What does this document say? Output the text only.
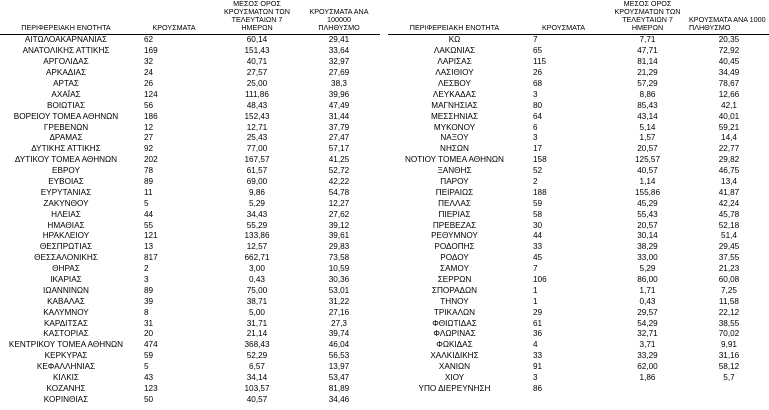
ΠΕΡΙΦΕΡΕΙΑΚΗ ΕΝΟΤΗΤΑ	ΚΡΟΥΣΜΑΤΑ	ΜΕΣΟΣ ΟΡΟΣ
ΚΡΟΥΣΜΑΤΩΝ ΤΩΝ
ΤΕΛΕΥΤΑΙΩΝ 7 ΗΜΕΡΩΝ	ΚΡΟΥΣΜΑΤΑ ΑΝΑ 100000
ΠΛΗΘΥΣΜΟ
ΑΙΤΩΛΟΑΚΑΡΝΑΝΙΑΣ	62	60,14	29,41
ΑΝΑΤΟΛΙΚΗΣ ΑΤΤΙΚΗΣ	169	151,43	33,64
ΑΡΓΟΛΙΔΑΣ	32	40,71	32,97
ΑΡΚΑΔΙΑΣ	24	27,57	27,69
ΑΡΤΑΣ	26	25,00	38,3
ΑΧΑΪΑΣ	124	111,86	39,96
ΒΟΙΩΤΙΑΣ	56	48,43	47,49
ΒΟΡΕΙΟΥ ΤΟΜΕΑ ΑΘΗΝΩΝ	186	152,43	31,44
ΓΡΕΒΕΝΩΝ	12	12,71	37,79
ΔΡΑΜΑΣ	27	25,43	27,47
ΔΥΤΙΚΗΣ ΑΤΤΙΚΗΣ	92	77,00	57,17
ΔΥΤΙΚΟΥ ΤΟΜΕΑ ΑΘΗΝΩΝ	202	167,57	41,25
ΕΒΡΟΥ	78	61,57	52,72
ΕΥΒΟΙΑΣ	89	69,00	42,22
ΕΥΡΥΤΑΝΙΑΣ	11	9,86	54,78
ΖΑΚΥΝΘΟΥ	5	5,29	12,27
ΗΛΕΙΑΣ	44	34,43	27,62
ΗΜΑΘΙΑΣ	55	55,29	39,12
ΗΡΑΚΛΕΙΟΥ	121	133,86	39,61
ΘΕΣΠΡΩΤΙΑΣ	13	12,57	29,83
ΘΕΣΣΑΛΟΝΙΚΗΣ	817	662,71	73,58
ΘΗΡΑΣ	2	3,00	10,59
ΙΚΑΡΙΑΣ	3	0,43	30,36
ΙΩΑΝΝΙΝΩΝ	89	75,00	53,01
ΚΑΒΑΛΑΣ	39	38,71	31,22
ΚΑΛΥΜΝΟΥ	8	5,00	27,16
ΚΑΡΔΙΤΣΑΣ	31	31,71	27,3
ΚΑΣΤΟΡΙΑΣ	20	21,14	39,74
ΚΕΝΤΡΙΚΟΥ ΤΟΜΕΑ ΑΘΗΝΩΝ	474	368,43	46,04
ΚΕΡΚΥΡΑΣ	59	52,29	56,53
ΚΕΦΑΛΛΗΝΙΑΣ	5	6,57	13,97
ΚΙΛΚΙΣ	43	34,14	53,47
ΚΟΖΑΝΗΣ	123	103,57	81,89
ΚΟΡΙΝΘΙΑΣ	50	40,57	34,46
ΠΕΡΙΦΕΡΕΙΑΚΗ ΕΝΟΤΗΤΑ	ΚΡΟΥΣΜΑΤΑ	ΜΕΣΟΣ ΟΡΟΣ
ΚΡΟΥΣΜΑΤΩΝ ΤΩΝ
ΤΕΛΕΥΤΑΙΩΝ 7 ΗΜΕΡΩΝ	ΚΡΟΥΣΜΑΤΑ ΑΝΑ 1000
ΠΛΗΘΥΣΜΟ
ΚΩ	7	7,71	20,35
ΛΑΚΩΝΙΑΣ	65	47,71	72,92
ΛΑΡΙΣΑΣ	115	81,14	40,45
ΛΑΣΙΘΙΟΥ	26	21,29	34,49
ΛΕΣΒΟΥ	68	57,29	78,67
ΛΕΥΚΑΔΑΣ	3	8,86	12,66
ΜΑΓΝΗΣΙΑΣ	80	85,43	42,1
ΜΕΣΣΗΝΙΑΣ	64	43,14	40,01
ΜΥΚΟΝΟΥ	6	5,14	59,21
ΝΑΞΟΥ	3	1,57	14,4
ΝΗΣΩΝ	17	20,57	22,77
ΝΟΤΙΟΥ ΤΟΜΕΑ ΑΘΗΝΩΝ	158	125,57	29,82
ΞΑΝΘΗΣ	52	40,57	46,75
ΠΑΡΟΥ	2	1,14	13,4
ΠΕΙΡΑΙΩΣ	188	155,86	41,87
ΠΕΛΛΑΣ	59	45,29	42,24
ΠΙΕΡΙΑΣ	58	55,43	45,78
ΠΡΕΒΕΖΑΣ	30	20,57	52,18
ΡΕΘΥΜΝΟΥ	44	30,14	51,4
ΡΟΔΟΠΗΣ	33	38,29	29,45
ΡΟΔΟΥ	45	33,00	37,55
ΣΑΜΟΥ	7	5,29	21,23
ΣΕΡΡΩΝ	106	86,00	60,08
ΣΠΟΡΑΔΩΝ	1	1,71	7,25
ΤΗΝΟΥ	1	0,43	11,58
ΤΡΙΚΑΛΩΝ	29	29,57	22,12
ΦΘΙΩΤΙΔΑΣ	61	54,29	38,55
ΦΛΩΡΙΝΑΣ	36	32,71	70,02
ΦΩΚΙΔΑΣ	4	3,71	9,91
ΧΑΛΚΙΔΙΚΗΣ	33	33,29	31,16
ΧΑΝΙΩΝ	91	62,00	58,12
ΧΙΟΥ	3	1,86	5,7
ΥΠΟ ΔΙΕΡΕΥΝΗΣΗ	86		
